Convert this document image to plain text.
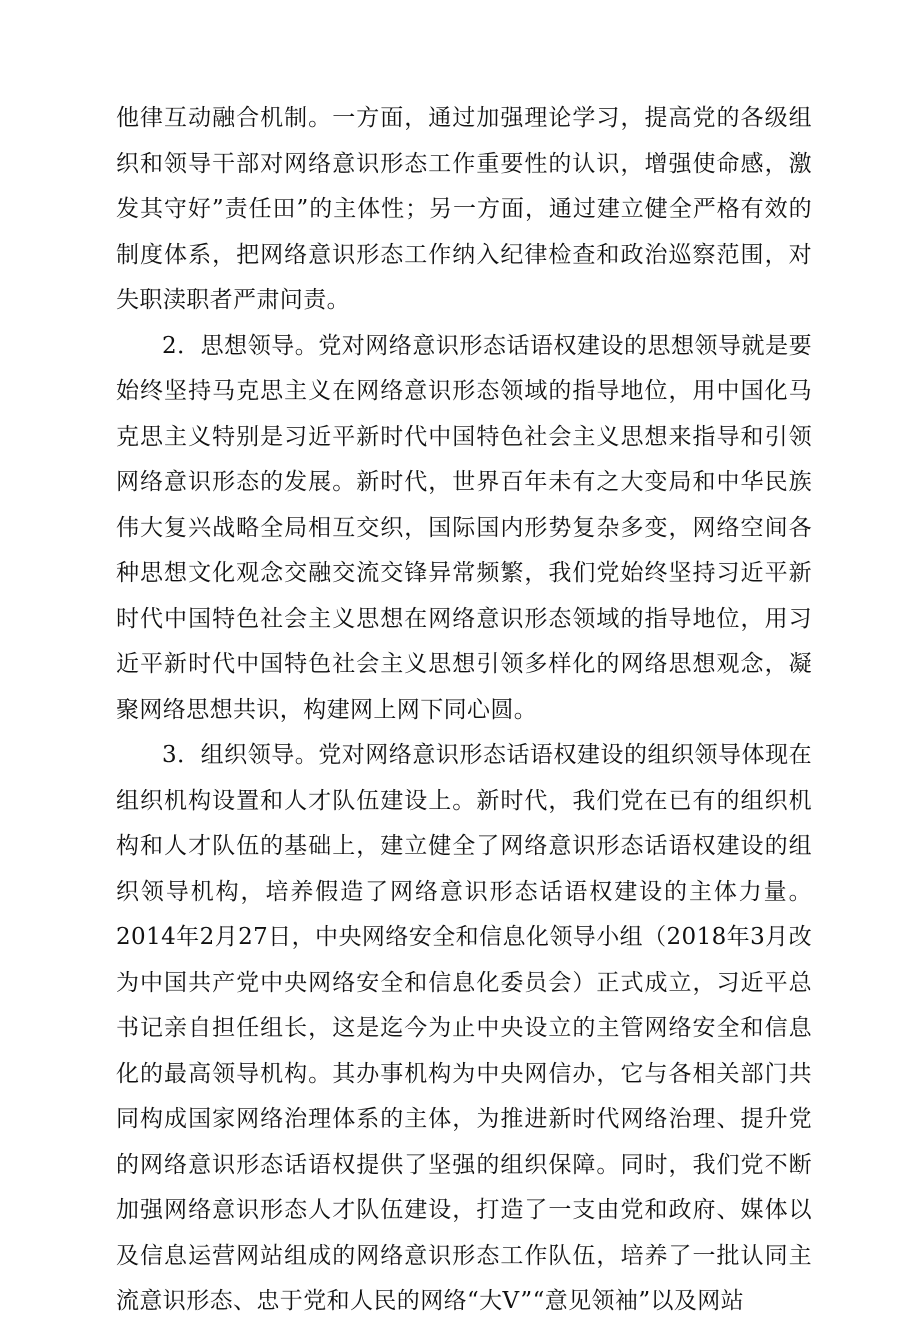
他律互动融合机制。一方面，通过加强理论学习，提高党的各级组织和领导干部对网络意识形态工作重要性的认识，增强使命感，激发其守好”责任田”的主体性；另一方面，通过建立健全严格有效的制度体系，把网络意识形态工作纳入纪律检查和政治巡察范围，对失职渎职者严肃问责。

2．思想领导。党对网络意识形态话语权建设的思想领导就是要始终坚持马克思主义在网络意识形态领域的指导地位，用中国化马克思主义特别是习近平新时代中国特色社会主义思想来指导和引领网络意识形态的发展。新时代，世界百年未有之大变局和中华民族伟大复兴战略全局相互交织，国际国内形势复杂多变，网络空间各种思想文化观念交融交流交锋异常频繁，我们党始终坚持习近平新时代中国特色社会主义思想在网络意识形态领域的指导地位，用习近平新时代中国特色社会主义思想引领多样化的网络思想观念，凝聚网络思想共识，构建网上网下同心圆。

3．组织领导。党对网络意识形态话语权建设的组织领导体现在组织机构设置和人才队伍建设上。新时代，我们党在已有的组织机构和人才队伍的基础上，建立健全了网络意识形态话语权建设的组织领导机构，培养假造了网络意识形态话语权建设的主体力量。2014年2月27日，中央网络安全和信息化领导小组（2018年3月改为中国共产党中央网络安全和信息化委员会）正式成立，习近平总书记亲自担任组长，这是迄今为止中央设立的主管网络安全和信息化的最高领导机构。其办事机构为中央网信办，它与各相关部门共同构成国家网络治理体系的主体，为推进新时代网络治理、提升党的网络意识形态话语权提供了坚强的组织保障。同时，我们党不断加强网络意识形态人才队伍建设，打造了一支由党和政府、媒体以及信息运营网站组成的网络意识形态工作队伍，培养了一批认同主流意识形态、忠于党和人民的网络“大V”“意见领袖”以及网站
